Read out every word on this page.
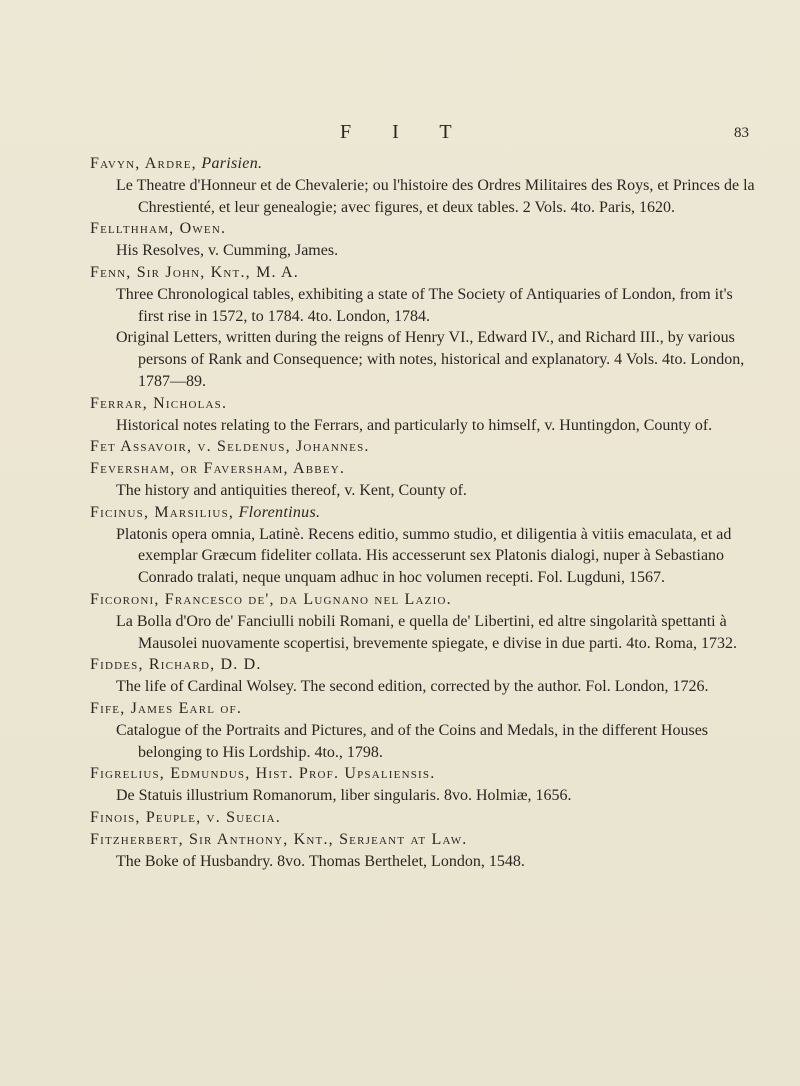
F I T	83
Favyn, Ardre, Parisien.
Le Theatre d'Honneur et de Chevalerie; ou l'histoire des Ordres Militaires des Roys, et Princes de la Chrestienté, et leur genealogie; avec figures, et deux tables. 2 Vols. 4to. Paris, 1620.
Fellthham, Owen.
His Resolves, v. Cumming, James.
Fenn, Sir John, Knt., M. A.
Three Chronological tables, exhibiting a state of The Society of Antiquaries of London, from it's first rise in 1572, to 1784. 4to. London, 1784.
Original Letters, written during the reigns of Henry VI., Edward IV., and Richard III., by various persons of Rank and Consequence; with notes, historical and explanatory. 4 Vols. 4to. London, 1787—89.
Ferrar, Nicholas.
Historical notes relating to the Ferrars, and particularly to himself, v. Huntingdon, County of.
Fet Assavoir, v. Seldenus, Johannes.
Feversham, or Faversham, Abbey.
The history and antiquities thereof, v. Kent, County of.
Ficinus, Marsilius, Florentinus.
Platonis opera omnia, Latinè. Recens editio, summo studio, et diligentia à vitiis emaculata, et ad exemplar Græcum fideliter collata. His accesserunt sex Platonis dialogi, nuper à Sebastiano Conrado tralati, neque unquam adhuc in hoc volumen recepti. Fol. Lugduni, 1567.
Ficoroni, Francesco de', da Lugnano nel Lazio.
La Bolla d'Oro de' Fanciulli nobili Romani, e quella de' Libertini, ed altre singolarità spettanti à Mausolei nuovamente scopertisi, brevemente spiegate, e divise in due parti. 4to. Roma, 1732.
Fiddes, Richard, D. D.
The life of Cardinal Wolsey. The second edition, corrected by the author. Fol. London, 1726.
Fife, James Earl of.
Catalogue of the Portraits and Pictures, and of the Coins and Medals, in the different Houses belonging to His Lordship. 4to., 1798.
Figrelius, Edmundus, Hist. Prof. Upsaliensis.
De Statuis illustrium Romanorum, liber singularis. 8vo. Holmiæ, 1656.
Finois, Peuple, v. Suecia.
Fitzherbert, Sir Anthony, Knt., Serjeant at Law.
The Boke of Husbandry. 8vo. Thomas Berthelet, London, 1548.
